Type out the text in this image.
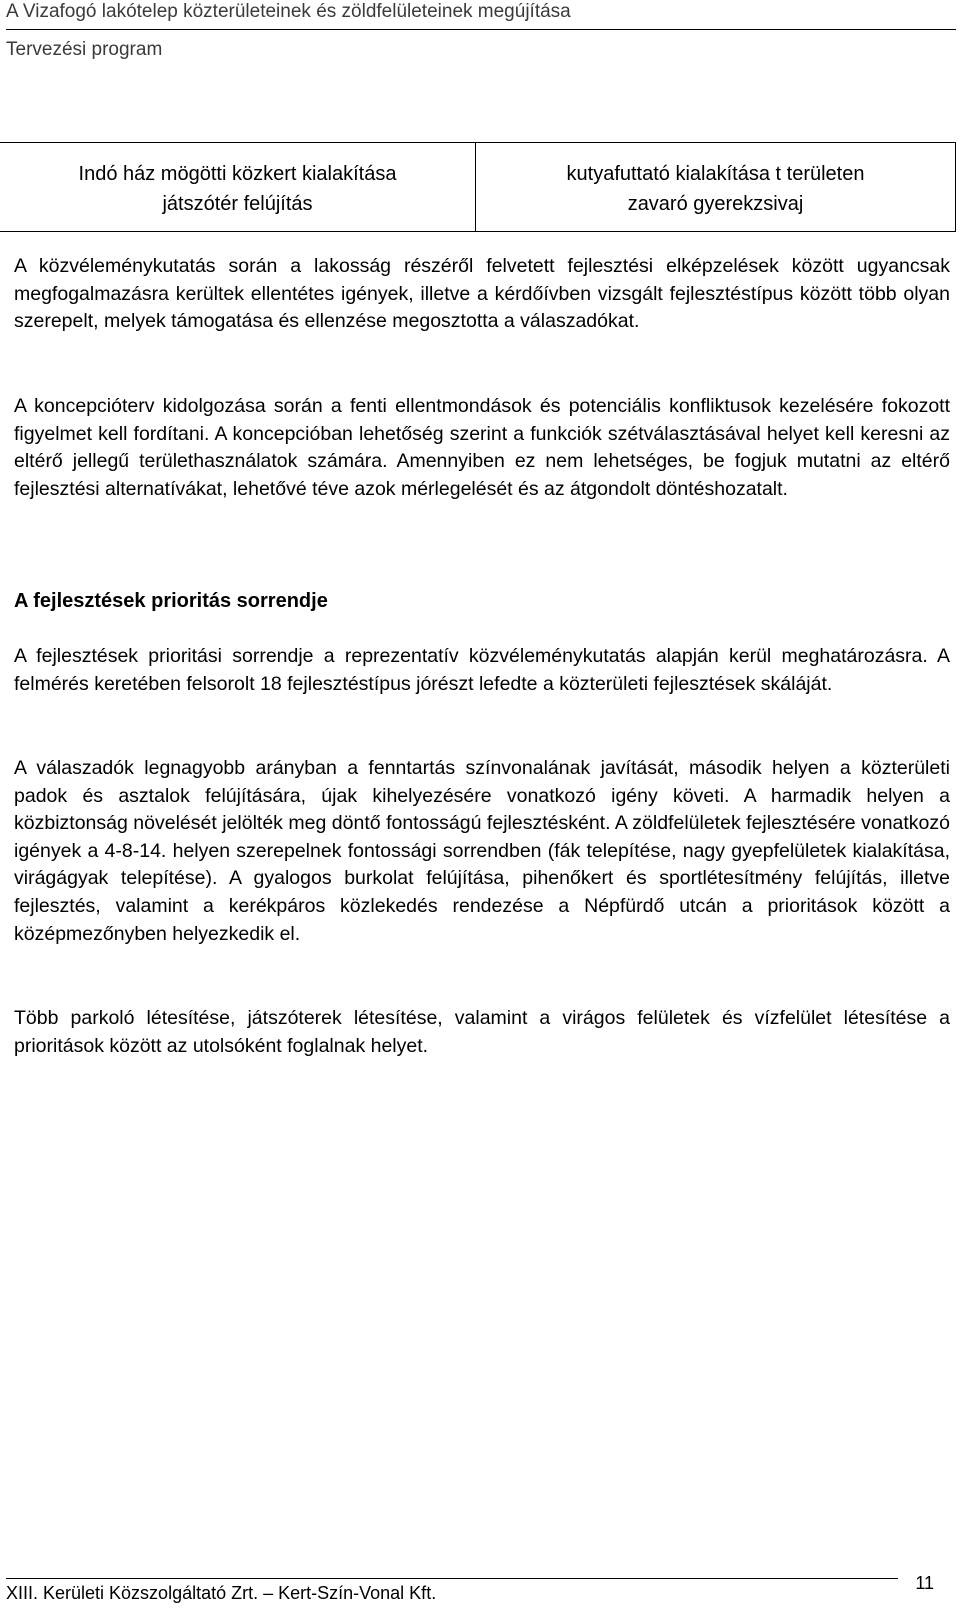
A Vizafogó lakótelep közterületeinek és zöldfelületeinek megújítása
Tervezési program
Indó ház mögötti közkert kialakítása
játszótér felújítás
kutyafuttató kialakítása t területen
zavaró gyerekzsivaj

A közvéleménykutatás során a lakosság részéről felvetett fejlesztési elképzelések között ugyancsak megfogalmazásra kerültek ellentétes igények, illetve a kérdőívben vizsgált fejlesztéstípus között több olyan szerepelt, melyek támogatása és ellenzése megosztotta a válaszadókat.

A koncepcióterv kidolgozása során a fenti ellentmondások és potenciális konfliktusok kezelésére fokozott figyelmet kell fordítani. A koncepcióban lehetőség szerint a funkciók szétválasztásával helyet kell keresni az eltérő jellegű területhasználatok számára. Amennyiben ez nem lehetséges, be fogjuk mutatni az eltérő fejlesztési alternatívákat, lehetővé téve azok mérlegelését és az átgondolt döntéshozatalt.

A fejlesztések prioritás sorrendje

A fejlesztések prioritási sorrendje a reprezentatív közvéleménykutatás alapján kerül meghatározásra. A felmérés keretében felsorolt 18 fejlesztéstípus jórészt lefedte a közterületi fejlesztések skáláját.

A válaszadók legnagyobb arányban a fenntartás színvonalának javítását, második helyen a közterületi padok és asztalok felújítására, újak kihelyezésére vonatkozó igény követi. A harmadik helyen a közbiztonság növelését jelölték meg döntő fontosságú fejlesztésként. A zöldfelületek fejlesztésére vonatkozó igények a 4-8-14. helyen szerepelnek fontossági sorrendben (fák telepítése, nagy gyepfelületek kialakítása, virágágyak telepítése). A gyalogos burkolat felújítása, pihenőkert és sportlétesítmény felújítás, illetve fejlesztés, valamint a kerékpáros közlekedés rendezése a Népfürdő utcán a prioritások között a középmezőnyben helyezkedik el.

Több parkoló létesítése, játszóterek létesítése, valamint a virágos felületek és vízfelület létesítése a prioritások között az utolsóként foglalnak helyet.

XIII. Kerületi Közszolgáltató Zrt. – Kert-Szín-Vonal Kft.	11
